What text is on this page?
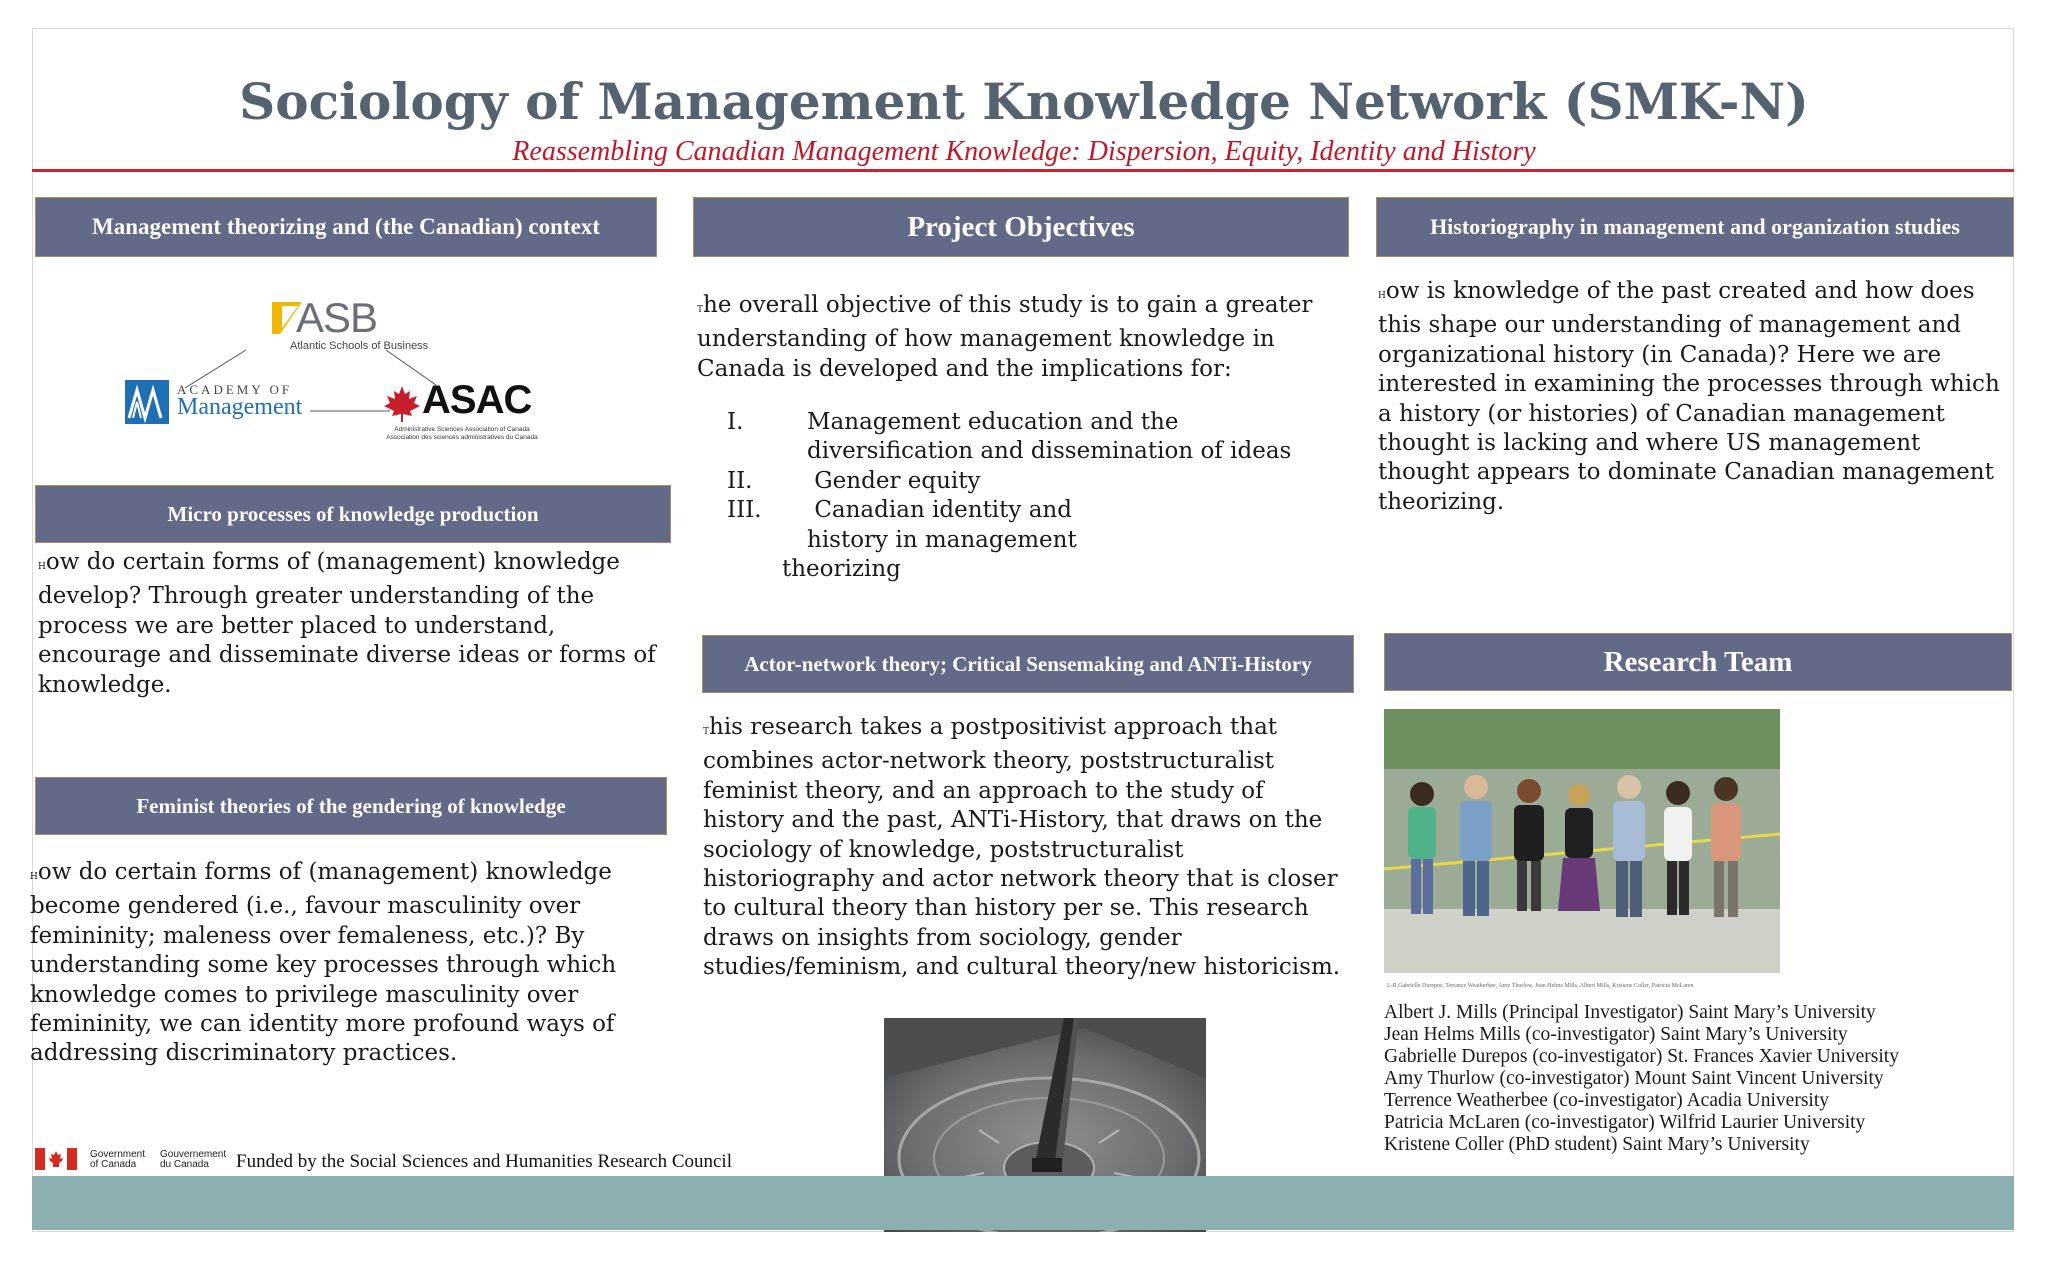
Sociology of Management Knowledge Network (SMK-N)
Reassembling Canadian Management Knowledge: Dispersion, Equity, Identity and History
Management theorizing and (the Canadian) context
ASB
Atlantic Schools of Business
ACADEMY OF
Management	ASAC
Administrative Sciences Association of Canada
Association des sciences administratives du Canada
Micro processes of knowledge production
How do certain forms of (management) knowledge develop? Through greater understanding of the process we are better placed to understand, encourage and disseminate diverse ideas or forms of knowledge.
Feminist theories of the gendering of knowledge
How do certain forms of (management) knowledge become gendered (i.e., favour masculinity over femininity; maleness over femaleness, etc.)? By understanding some key processes through which knowledge comes to privilege masculinity over femininity, we can identity more profound ways of addressing discriminatory practices.
Project Objectives
The overall objective of this study is to gain a greater understanding of how management knowledge in Canada is developed and the implications for:
I.	Management education and the diversification and dissemination of ideas
II.	Gender equity
III.	Canadian identity and history in management
theorizing
Actor-network theory; Critical Sensemaking and ANTi-History
This research takes a postpositivist approach that combines actor-network theory, poststructuralist feminist theory, and an approach to the study of history and the past, ANTi-History, that draws on the sociology of knowledge, poststructuralist historiography and actor network theory that is closer to cultural theory than history per se. This research draws on insights from sociology, gender studies/feminism, and cultural theory/new historicism.
Historiography in management and organization studies
How is knowledge of the past created and how does this shape our understanding of management and organizational history (in Canada)? Here we are interested in examining the processes through which a history (or histories) of Canadian management thought is lacking and where US management thought appears to dominate Canadian management theorizing.
Research Team
L-R Gabrielle Durepos, Terrance Weatherbee, Amy Thurlow, Jean Helms Mills, Albert Mills, Kristene Coller, Patricia McLaren
Albert J. Mills (Principal Investigator) Saint Mary’s University
Jean Helms Mills (co-investigator) Saint Mary’s University
Gabrielle Durepos (co-investigator) St. Frances Xavier University
Amy Thurlow (co-investigator) Mount Saint Vincent University
Terrence Weatherbee (co-investigator) Acadia University
Patricia McLaren (co-investigator) Wilfrid Laurier University
Kristene Coller (PhD student) Saint Mary’s University
Government
of Canada
Gouvernement
du Canada	Funded by the Social Sciences and Humanities Research Council
